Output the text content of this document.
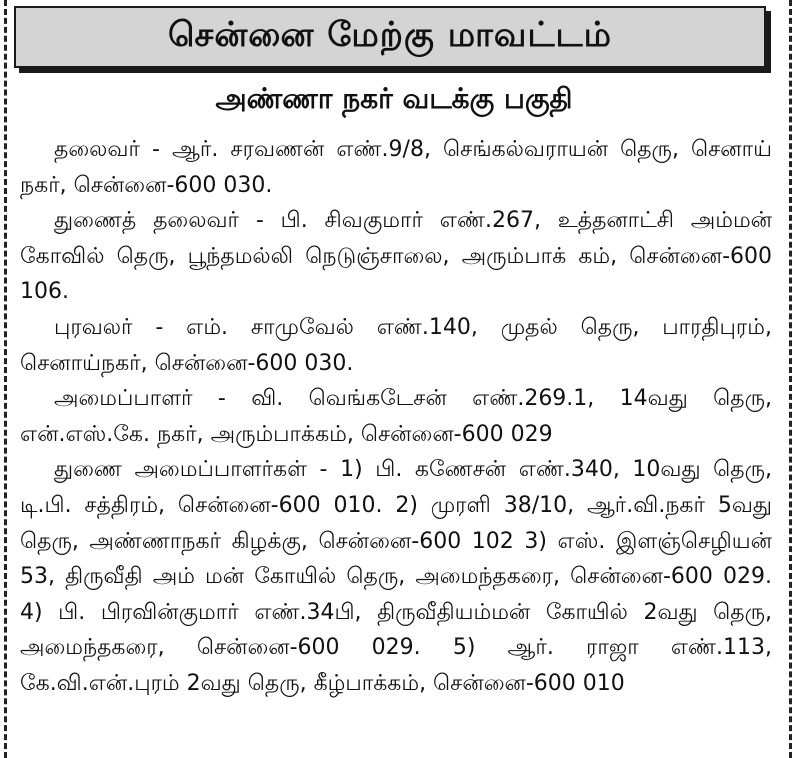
சென்னை மேற்கு மாவட்டம்
அண்ணா நகர் வடக்கு பகுதி

தலைவர் - ஆர். சரவணன் எண்.9/8, செங்கல்வராயன் தெரு, செனாய் நகர், சென்னை-600 030.

துணைத் தலைவர் - பி. சிவகுமார் எண்.267, உத்தனாட்சி அம்மன் கோவில் தெரு, பூந்தமல்லி நெடுஞ்சாலை, அரும்பாக் கம், சென்னை-600 106.

புரவலர் - எம். சாமுவேல் எண்.140, முதல் தெரு, பாரதிபுரம், செனாய்நகர், சென்னை-600 030.

அமைப்பாளர் - வி. வெங்கடேசன் எண்.269.1, 14வது தெரு, என்.எஸ்.கே. நகர், அரும்பாக்கம், சென்னை-600 029

துணை அமைப்பாளர்கள் - 1) பி. கணேசன் எண்.340, 10வது தெரு, டி.பி. சத்திரம், சென்னை-600 010. 2) முரளி 38/10, ஆர்.வி.நகர் 5வது தெரு, அண்ணாநகர் கிழக்கு, சென்னை-600 102 3) எஸ். இளஞ்செழியன் 53, திருவீதி அம் மன் கோயில் தெரு, அமைந்தகரை, சென்னை-600 029. 4) பி. பிரவின்குமார் எண்.34பி, திருவீதியம்மன் கோயில் 2வது தெரு, அமைந்தகரை, சென்னை-600 029. 5) ஆர். ராஜா எண்.113, கே.வி.என்.புரம் 2வது தெரு, கீழ்பாக்கம், சென்னை-600 010
